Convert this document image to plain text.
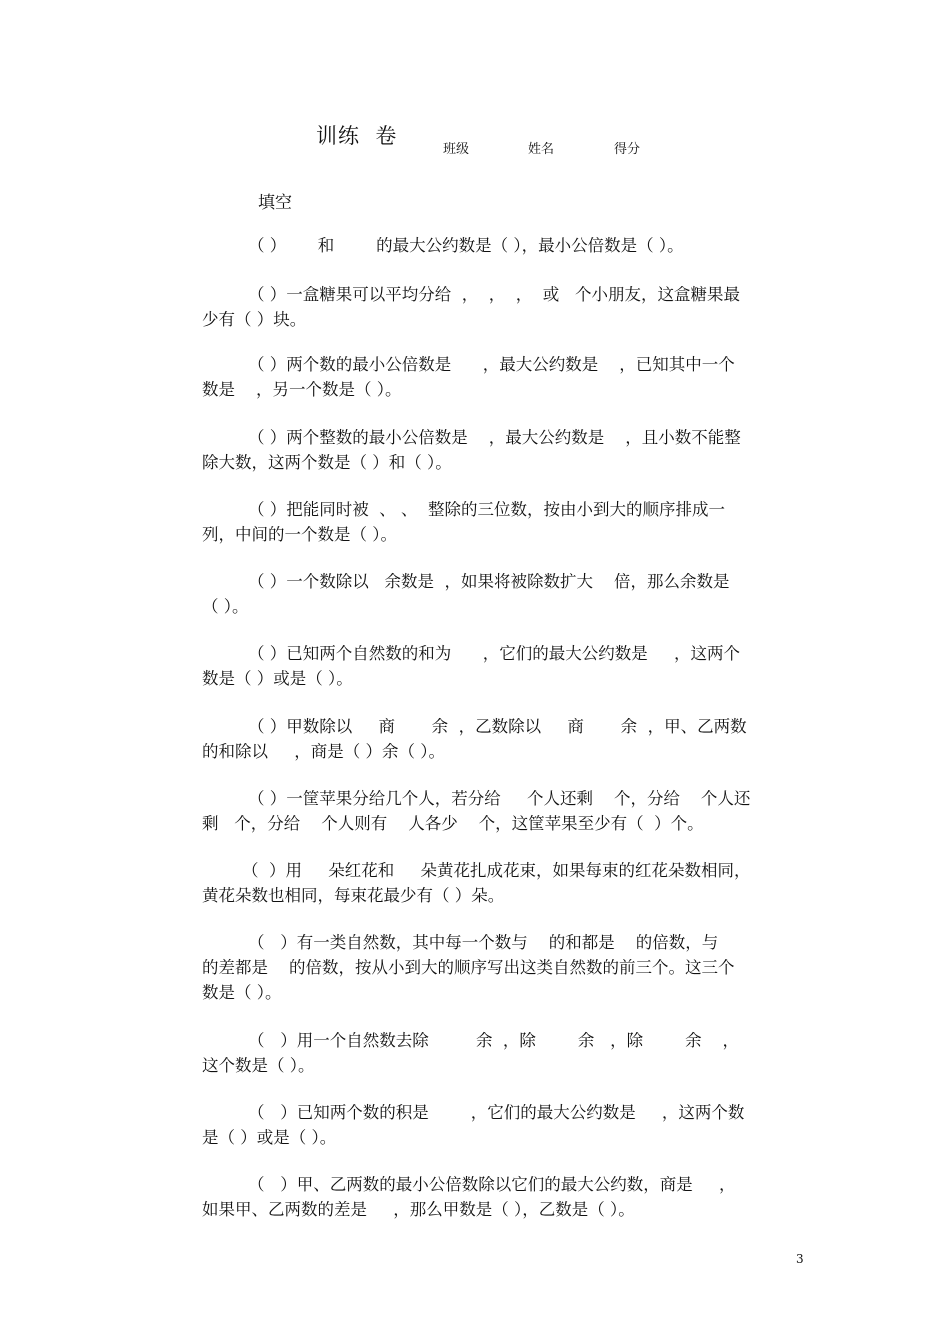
训练  卷
班级	姓名	得分
填空
（ ）      和        的最大公约数是（ ），最小公倍数是（ ）。
（ ）一盒糖果可以平均分给  ，  ，  ，  或   个小朋友，这盒糖果最
少有（ ）块。
（ ）两个数的最小公倍数是      ，最大公约数是    ，已知其中一个
数是    ，另一个数是（ ）。
（ ）两个整数的最小公倍数是    ，最大公约数是    ，且小数不能整
除大数，这两个数是（ ）和（ ）。
（ ）把能同时被  、 、  整除的三位数，按由小到大的顺序排成一
列，中间的一个数是（ ）。
（ ）一个数除以   余数是  ，如果将被除数扩大    倍，那么余数是
（ ）。
（ ）已知两个自然数的和为      ，它们的最大公约数是     ，这两个
数是（ ）或是（ ）。
（ ）甲数除以     商       余  ，乙数除以     商       余  ，甲、乙两数
的和除以     ，商是（ ）余（ ）。
（ ）一筐苹果分给几个人，若分给     个人还剩    个，分给    个人还
剩   个，分给    个人则有    人各少    个，这筐苹果至少有（  ）个。
（  ）用     朵红花和     朵黄花扎成花束，如果每束的红花朵数相同，
黄花朵数也相同，每束花最少有（ ）朵。
（   ）有一类自然数，其中每一个数与    的和都是    的倍数，与
的差都是    的倍数，按从小到大的顺序写出这类自然数的前三个。这三个
数是（ ）。
（   ）用一个自然数去除         余  ，除        余   ，除        余    ，
这个数是（ ）。
（   ）已知两个数的积是        ，它们的最大公约数是     ，这两个数
是（ ）或是（ ）。
（   ）甲、乙两数的最小公倍数除以它们的最大公约数，商是     ，
如果甲、乙两数的差是     ，那么甲数是（ ），乙数是（ ）。
3
